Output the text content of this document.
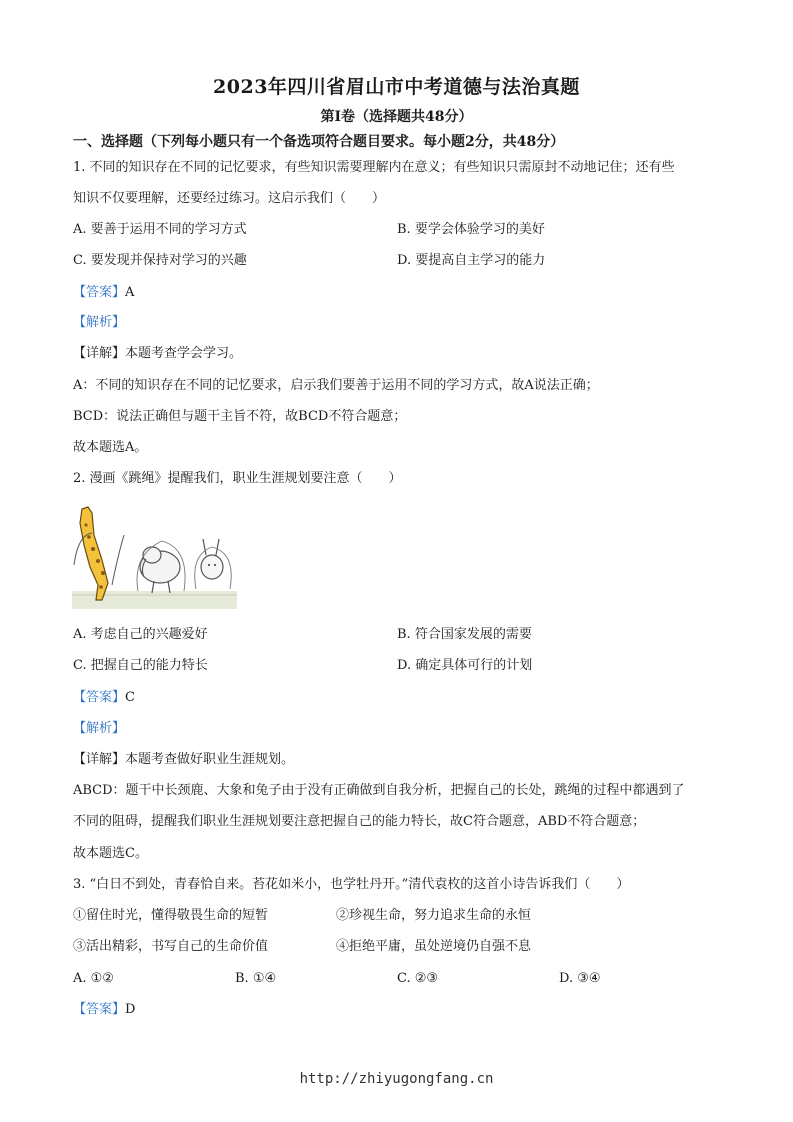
2023年四川省眉山市中考道德与法治真题
第I卷（选择题共48分）
一、选择题（下列每小题只有一个备选项符合题目要求。每小题2分，共48分）
1. 不同的知识存在不同的记忆要求，有些知识需要理解内在意义；有些知识只需原封不动地记住；还有些
知识不仅要理解，还要经过练习。这启示我们（　　）
A. 要善于运用不同的学习方式	B. 要学会体验学习的美好
C. 要发现并保持对学习的兴趣	D. 要提高自主学习的能力
【答案】A
【解析】
【详解】本题考查学会学习。
A：不同的知识存在不同的记忆要求，启示我们要善于运用不同的学习方式，故A说法正确；
BCD：说法正确但与题干主旨不符，故BCD不符合题意；
故本题选A。
2. 漫画《跳绳》提醒我们，职业生涯规划要注意（　　）
A. 考虑自己的兴趣爱好	B. 符合国家发展的需要
C. 把握自己的能力特长	D. 确定具体可行的计划
【答案】C
【解析】
【详解】本题考查做好职业生涯规划。
ABCD：题干中长颈鹿、大象和兔子由于没有正确做到自我分析，把握自己的长处，跳绳的过程中都遇到了
不同的阻碍，提醒我们职业生涯规划要注意把握自己的能力特长，故C符合题意，ABD不符合题意；
故本题选C。
3. “白日不到处，青春恰自来。苔花如米小，也学牡丹开。”清代袁枚的这首小诗告诉我们（　　）
①留住时光，懂得敬畏生命的短暂	②珍视生命，努力追求生命的永恒
③活出精彩，书写自己的生命价值	④拒绝平庸，虽处逆境仍自强不息
A. ①②	B. ①④	C. ②③	D. ③④
【答案】D
http://zhiyugongfang.cn
